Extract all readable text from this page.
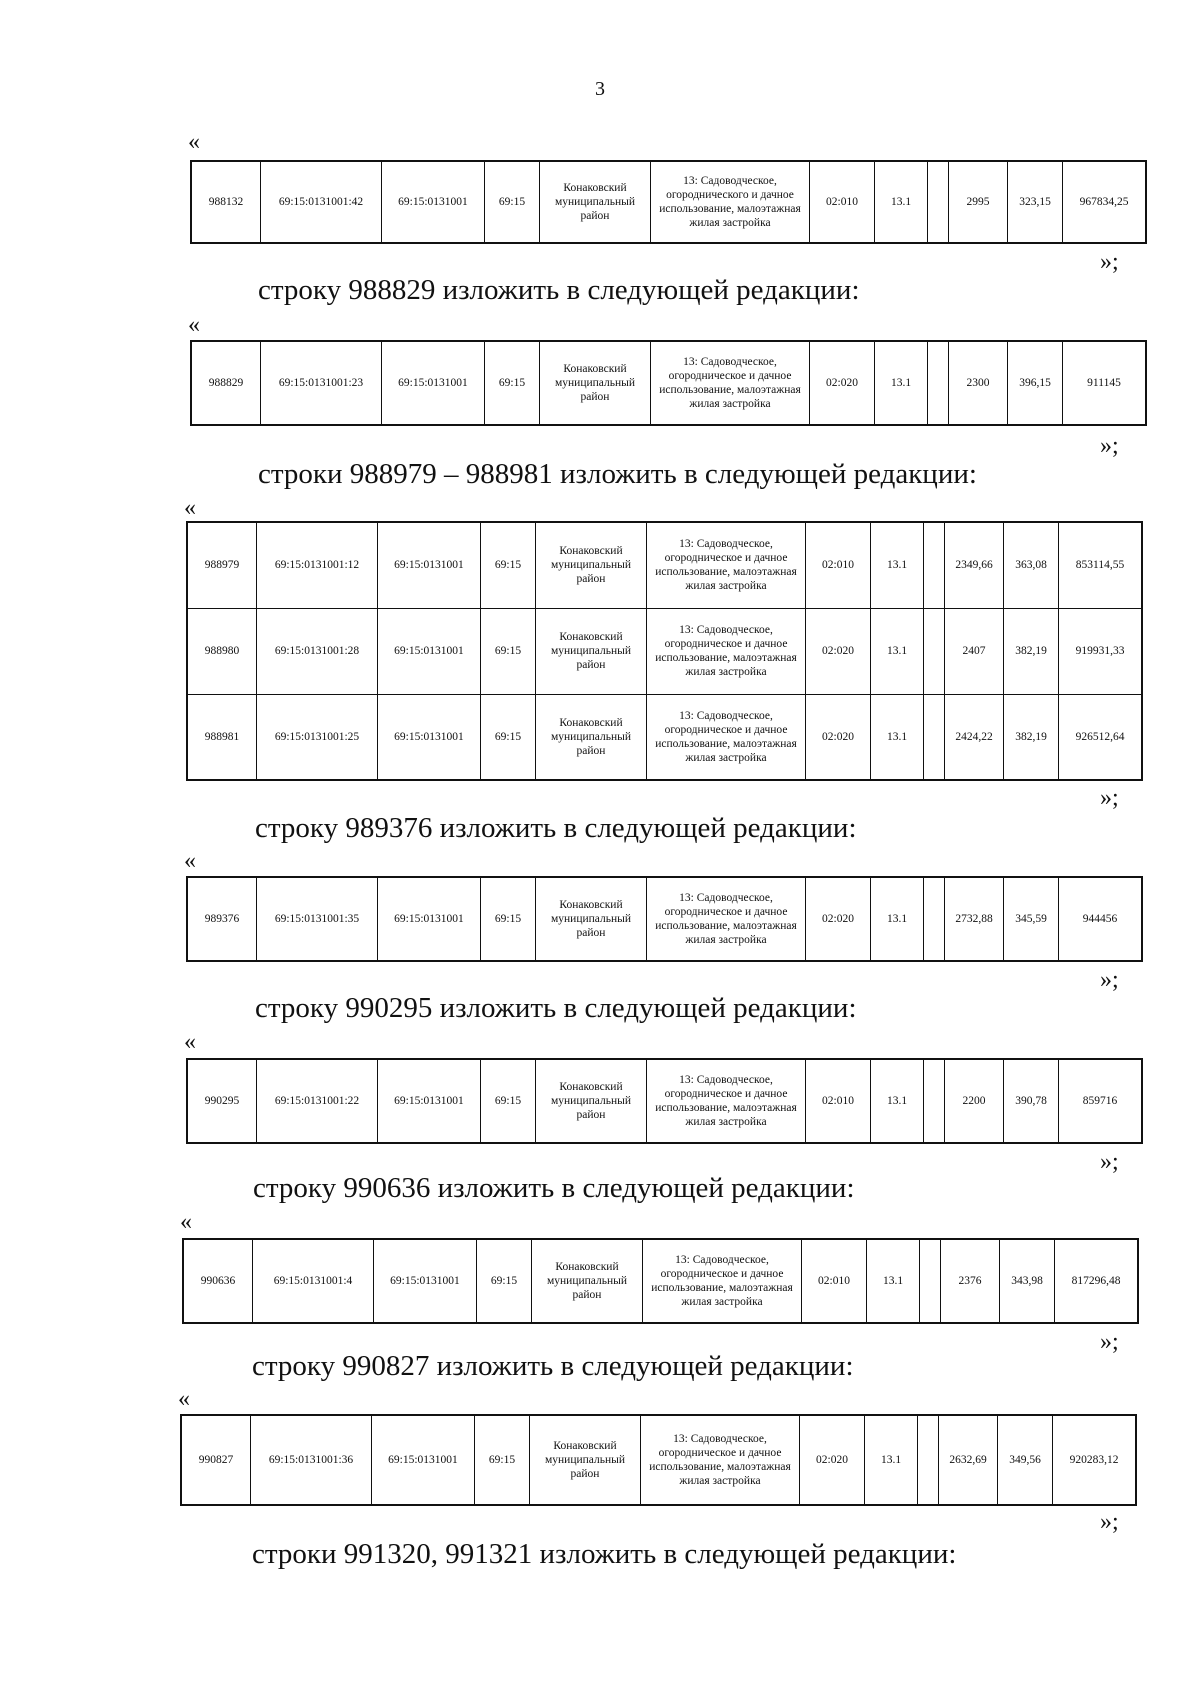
3
«
988132	69:15:0131001:42	69:15:0131001	69:15	Конаковский муниципальный район	13: Садоводческое, огороднического и дачное использование, малоэтажная жилая застройка	02:010	13.1		2995	323,15	967834,25
»;
строку 988829 изложить в следующей редакции:
«
988829	69:15:0131001:23	69:15:0131001	69:15	Конаковский муниципальный район	13: Садоводческое, огородническое и дачное использование, малоэтажная жилая застройка	02:020	13.1		2300	396,15	911145
»;
строки 988979 – 988981 изложить в следующей редакции:
«
988979	69:15:0131001:12	69:15:0131001	69:15	Конаковский муниципальный район	13: Садоводческое, огородническое и дачное использование, малоэтажная жилая застройка	02:010	13.1		2349,66	363,08	853114,55
988980	69:15:0131001:28	69:15:0131001	69:15	Конаковский муниципальный район	13: Садоводческое, огородническое и дачное использование, малоэтажная жилая застройка	02:020	13.1		2407	382,19	919931,33
988981	69:15:0131001:25	69:15:0131001	69:15	Конаковский муниципальный район	13: Садоводческое, огородническое и дачное использование, малоэтажная жилая застройка	02:020	13.1		2424,22	382,19	926512,64
»;
строку 989376 изложить в следующей редакции:
«
989376	69:15:0131001:35	69:15:0131001	69:15	Конаковский муниципальный район	13: Садоводческое, огородническое и дачное использование, малоэтажная жилая застройка	02:020	13.1		2732,88	345,59	944456
»;
строку 990295 изложить в следующей редакции:
«
990295	69:15:0131001:22	69:15:0131001	69:15	Конаковский муниципальный район	13: Садоводческое, огородническое и дачное использование, малоэтажная жилая застройка	02:010	13.1		2200	390,78	859716
»;
строку 990636 изложить в следующей редакции:
«
990636	69:15:0131001:4	69:15:0131001	69:15	Конаковский муниципальный район	13: Садоводческое, огородническое и дачное использование, малоэтажная жилая застройка	02:010	13.1		2376	343,98	817296,48
»;
строку 990827 изложить в следующей редакции:
«
990827	69:15:0131001:36	69:15:0131001	69:15	Конаковский муниципальный район	13: Садоводческое, огородническое и дачное использование, малоэтажная жилая застройка	02:020	13.1		2632,69	349,56	920283,12
»;
строки 991320, 991321 изложить в следующей редакции:
